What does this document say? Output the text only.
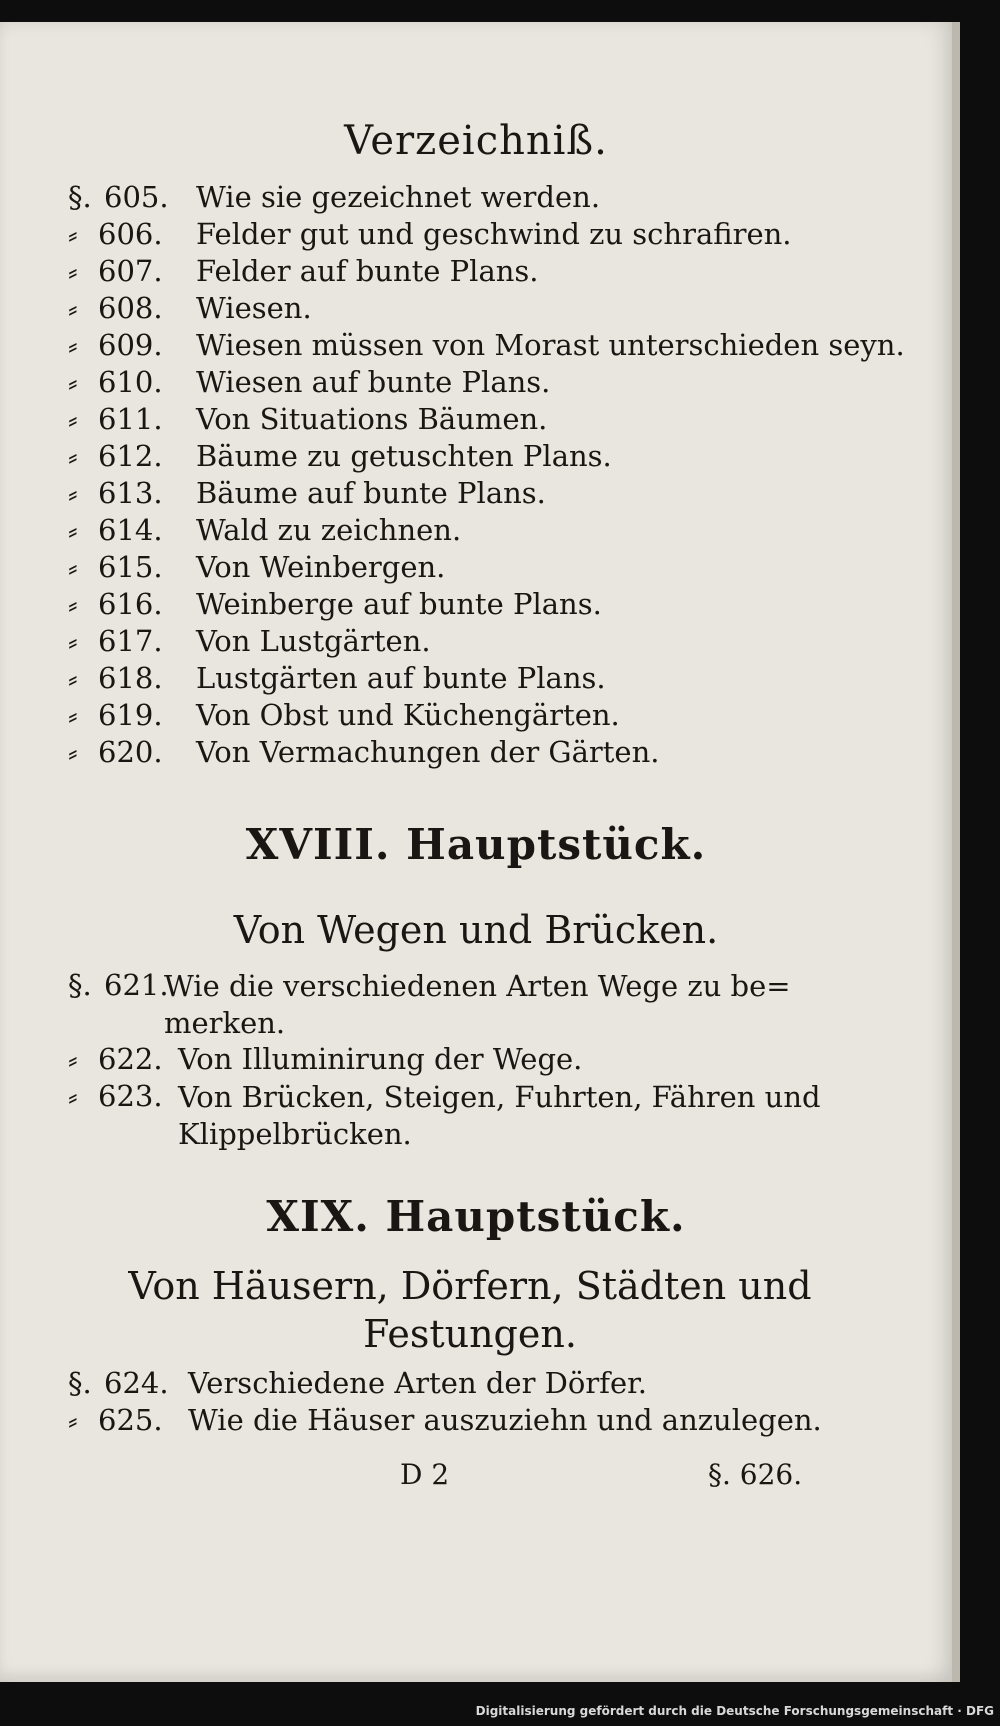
Verzeichniß.
§. 605. Wie sie gezeichnet werden.
⸗ 606. Felder gut und geschwind zu schrafiren.
⸗ 607. Felder auf bunte Plans.
⸗ 608. Wiesen.
⸗ 609. Wiesen müssen von Morast unterschieden seyn.
⸗ 610. Wiesen auf bunte Plans.
⸗ 611. Von Situations Bäumen.
⸗ 612. Bäume zu getuschten Plans.
⸗ 613. Bäume auf bunte Plans.
⸗ 614. Wald zu zeichnen.
⸗ 615. Von Weinbergen.
⸗ 616. Weinberge auf bunte Plans.
⸗ 617. Von Lustgärten.
⸗ 618. Lustgärten auf bunte Plans.
⸗ 619. Von Obst und Küchengärten.
⸗ 620. Von Vermachungen der Gärten.
XVIII. Hauptstück.
Von Wegen und Brücken.
§. 621.
Wie die verschiedenen Arten Wege zu be= merken.
⸗ 622. Von Illuminirung der Wege.
⸗ 623. Von Brücken, Steigen, Fuhrten, Fähren und Klippelbrücken.
XIX. Hauptstück.
Von Häusern, Dörfern, Städten und Festungen.
§. 624. Verschiedene Arten der Dörfer.
⸗ 625. Wie die Häuser auszuziehn und anzulegen.
D 2	§. 626.
Digitalisierung gefördert durch die Deutsche Forschungsgemeinschaft · DFG
